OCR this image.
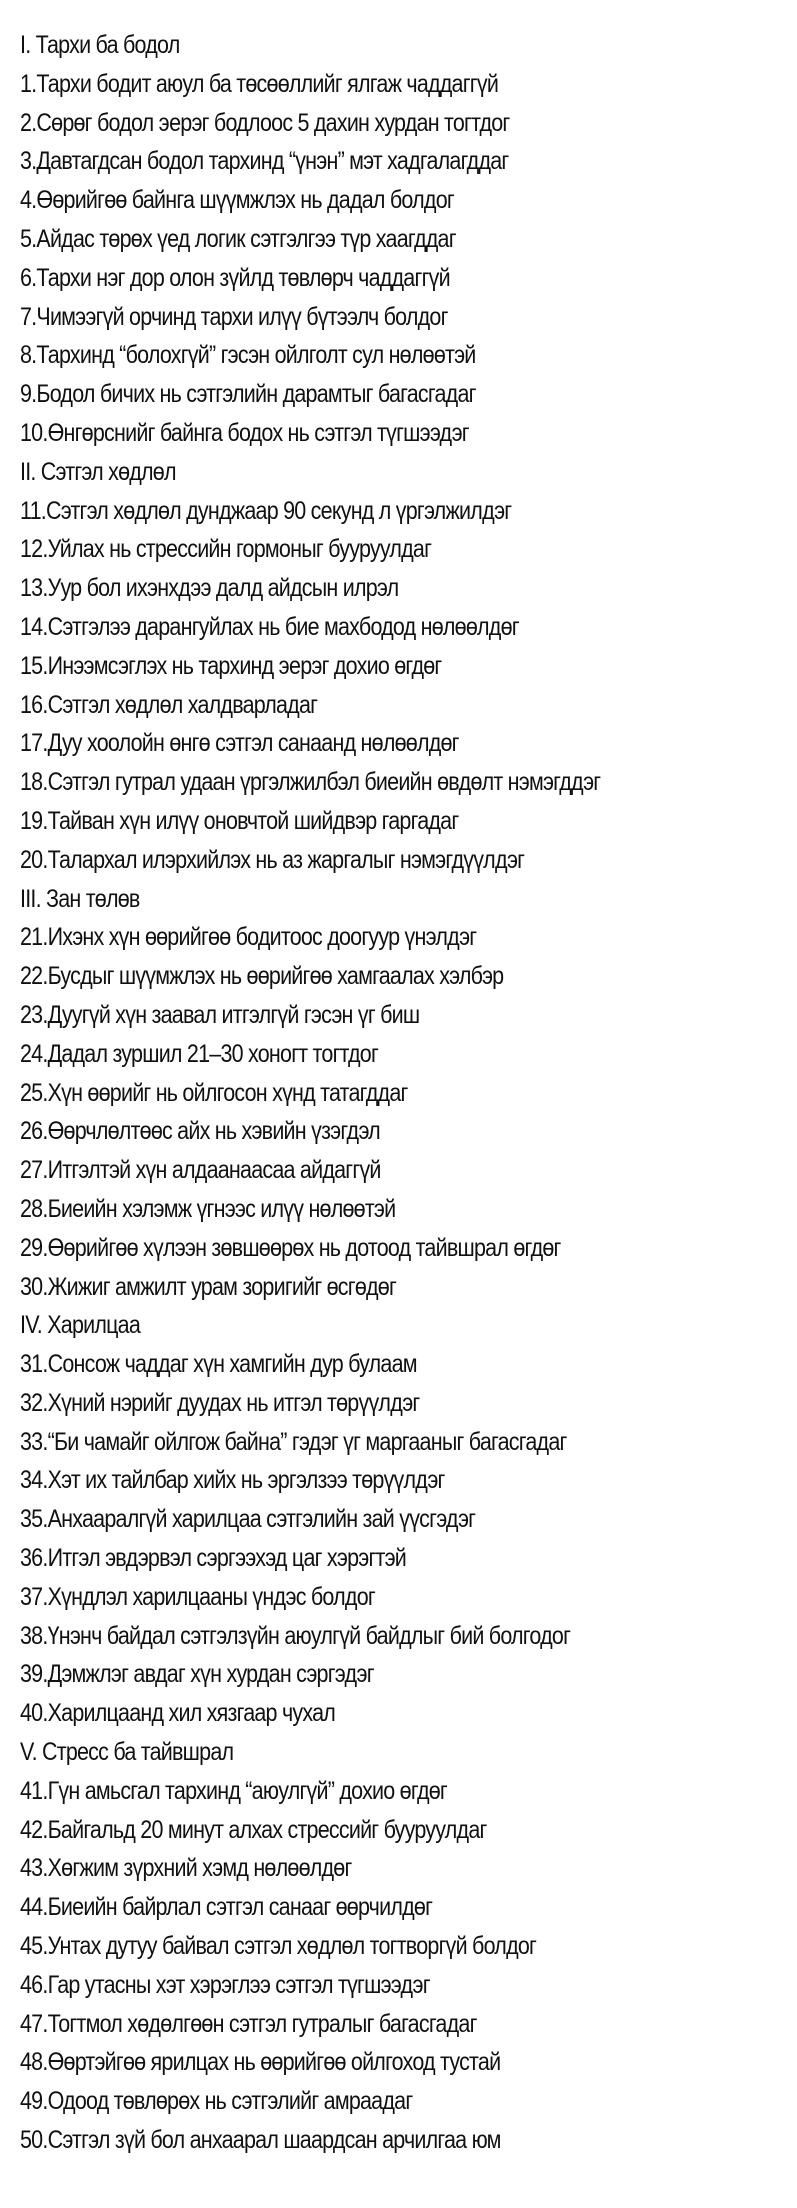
I. Тархи ба бодол
1.Тархи бодит аюул ба төсөөллийг ялгаж чаддаггүй
2.Сөрөг бодол эерэг бодлоос 5 дахин хурдан тогтдог
3.Давтагдсан бодол тархинд “үнэн” мэт хадгалагддаг
4.Өөрийгөө байнга шүүмжлэх нь дадал болдог
5.Айдас төрөх үед логик сэтгэлгээ түр хаагддаг
6.Тархи нэг дор олон зүйлд төвлөрч чаддаггүй
7.Чимээгүй орчинд тархи илүү бүтээлч болдог
8.Тархинд “болохгүй” гэсэн ойлголт сул нөлөөтэй
9.Бодол бичих нь сэтгэлийн дарамтыг багасгадаг
10.Өнгөрснийг байнга бодох нь сэтгэл түгшээдэг
II. Сэтгэл хөдлөл
11.Сэтгэл хөдлөл дунджаар 90 секунд л үргэлжилдэг
12.Уйлах нь стрессийн гормоныг бууруулдаг
13.Уур бол ихэнхдээ далд айдсын илрэл
14.Сэтгэлээ дарангуйлах нь бие махбодод нөлөөлдөг
15.Инээмсэглэх нь тархинд эерэг дохио өгдөг
16.Сэтгэл хөдлөл халдварладаг
17.Дуу хоолойн өнгө сэтгэл санаанд нөлөөлдөг
18.Сэтгэл гутрал удаан үргэлжилбэл биеийн өвдөлт нэмэгддэг
19.Тайван хүн илүү оновчтой шийдвэр гаргадаг
20.Талархал илэрхийлэх нь аз жаргалыг нэмэгдүүлдэг
III. Зан төлөв
21.Ихэнх хүн өөрийгөө бодитоос доогуур үнэлдэг
22.Бусдыг шүүмжлэх нь өөрийгөө хамгаалах хэлбэр
23.Дуугүй хүн заавал итгэлгүй гэсэн үг биш
24.Дадал зуршил 21–30 хоногт тогтдог
25.Хүн өөрийг нь ойлгосон хүнд татагддаг
26.Өөрчлөлтөөс айх нь хэвийн үзэгдэл
27.Итгэлтэй хүн алдаанаасаа айдаггүй
28.Биеийн хэлэмж үгнээс илүү нөлөөтэй
29.Өөрийгөө хүлээн зөвшөөрөх нь дотоод тайвшрал өгдөг
30.Жижиг амжилт урам зоригийг өсгөдөг
IV. Харилцаа
31.Сонсож чаддаг хүн хамгийн дур булаам
32.Хүний нэрийг дуудах нь итгэл төрүүлдэг
33.“Би чамайг ойлгож байна” гэдэг үг маргааныг багасгадаг
34.Хэт их тайлбар хийх нь эргэлзээ төрүүлдэг
35.Анхааралгүй харилцаа сэтгэлийн зай үүсгэдэг
36.Итгэл эвдэрвэл сэргээхэд цаг хэрэгтэй
37.Хүндлэл харилцааны үндэс болдог
38.Үнэнч байдал сэтгэлзүйн аюулгүй байдлыг бий болгодог
39.Дэмжлэг авдаг хүн хурдан сэргэдэг
40.Харилцаанд хил хязгаар чухал
V. Стресс ба тайвшрал
41.Гүн амьсгал тархинд “аюулгүй” дохио өгдөг
42.Байгальд 20 минут алхах стрессийг бууруулдаг
43.Хөгжим зүрхний хэмд нөлөөлдөг
44.Биеийн байрлал сэтгэл санааг өөрчилдөг
45.Унтах дутуу байвал сэтгэл хөдлөл тогтворгүй болдог
46.Гар утасны хэт хэрэглээ сэтгэл түгшээдэг
47.Тогтмол хөдөлгөөн сэтгэл гутралыг багасгадаг
48.Өөртэйгөө ярилцах нь өөрийгөө ойлгоход тустай
49.Одоод төвлөрөх нь сэтгэлийг амраадаг
50.Сэтгэл зүй бол анхаарал шаардсан арчилгаа юм
